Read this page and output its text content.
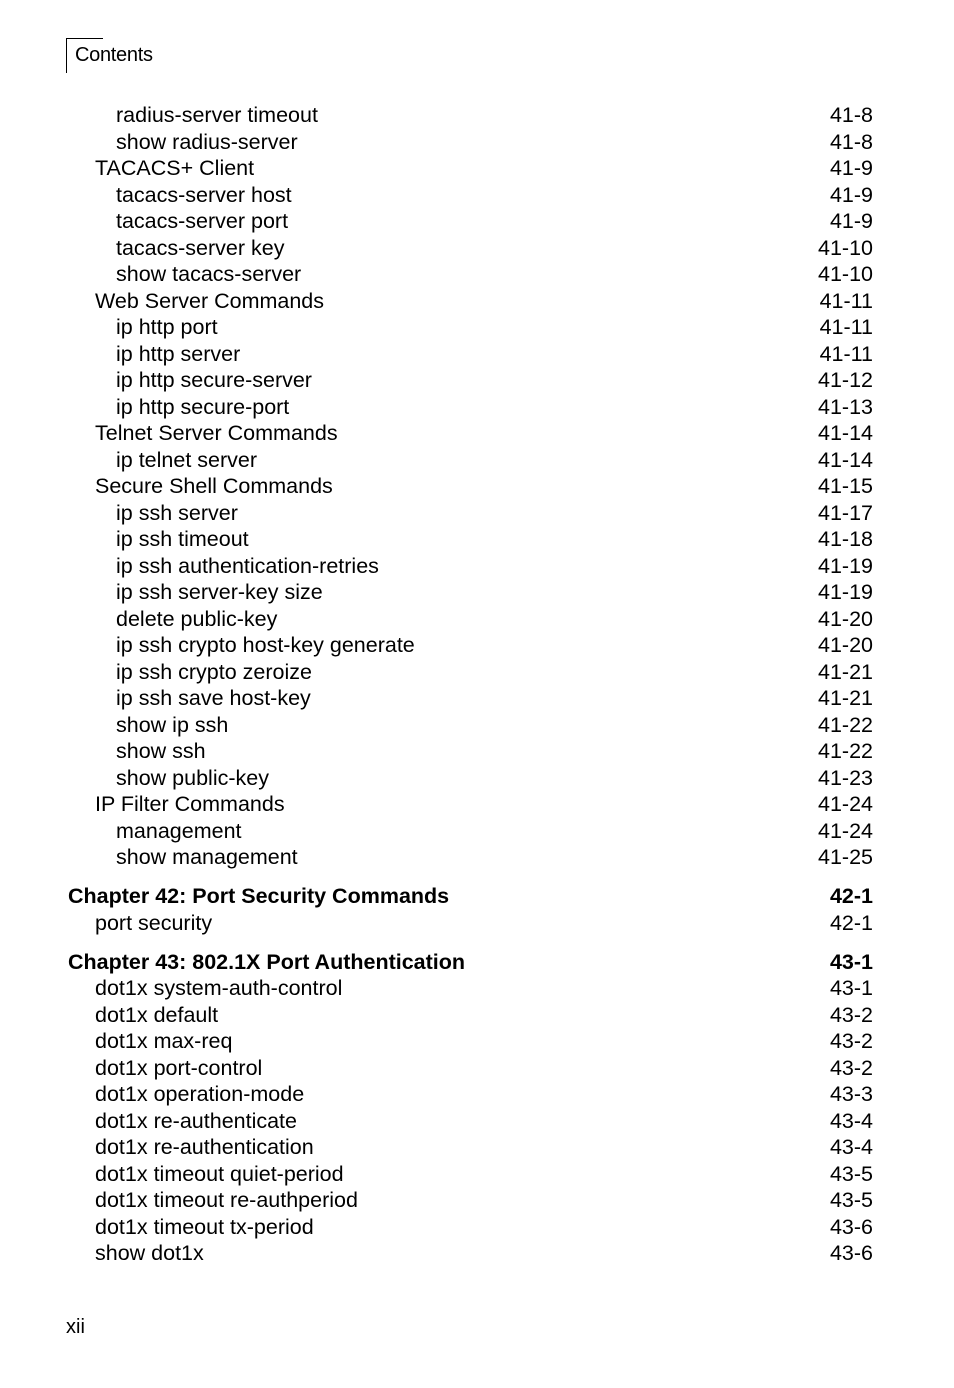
Contents
radius-server timeout	41-8
show radius-server	41-8
TACACS+ Client	41-9
tacacs-server host	41-9
tacacs-server port	41-9
tacacs-server key	41-10
show tacacs-server	41-10
Web Server Commands	41-11
ip http port	41-11
ip http server	41-11
ip http secure-server	41-12
ip http secure-port	41-13
Telnet Server Commands	41-14
ip telnet server	41-14
Secure Shell Commands	41-15
ip ssh server	41-17
ip ssh timeout	41-18
ip ssh authentication-retries	41-19
ip ssh server-key size	41-19
delete public-key	41-20
ip ssh crypto host-key generate	41-20
ip ssh crypto zeroize	41-21
ip ssh save host-key	41-21
show ip ssh	41-22
show ssh	41-22
show public-key	41-23
IP Filter Commands	41-24
management	41-24
show management	41-25
Chapter 42: Port Security Commands	42-1
port security	42-1
Chapter 43: 802.1X Port Authentication	43-1
dot1x system-auth-control	43-1
dot1x default	43-2
dot1x max-req	43-2
dot1x port-control	43-2
dot1x operation-mode	43-3
dot1x re-authenticate	43-4
dot1x re-authentication	43-4
dot1x timeout quiet-period	43-5
dot1x timeout re-authperiod	43-5
dot1x timeout tx-period	43-6
show dot1x	43-6
xii
